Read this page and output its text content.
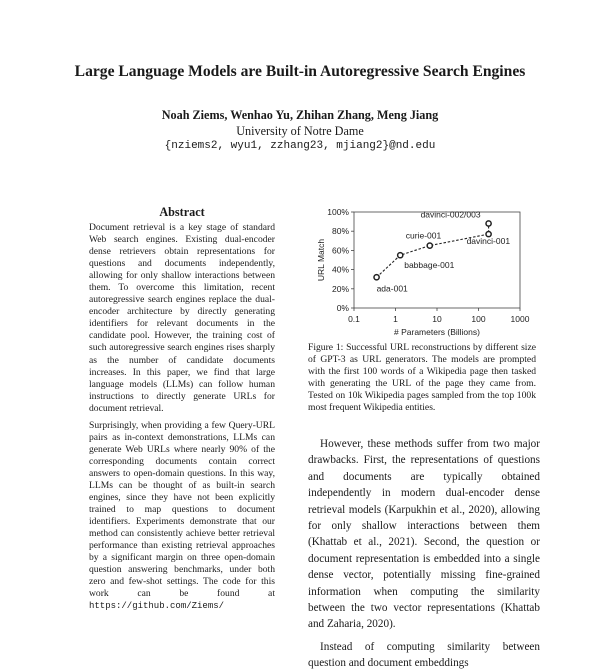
Large Language Models are Built-in Autoregressive Search Engines
Noah Ziems, Wenhao Yu, Zhihan Zhang, Meng Jiang
University of Notre Dame
{nziems2, wyu1, zzhang23, mjiang2}@nd.edu
Abstract

Document retrieval is a key stage of standard Web search engines. Existing dual-encoder dense retrievers obtain representations for questions and documents independently, allowing for only shallow interactions between them. To overcome this limitation, recent autoregressive search engines replace the dual-encoder architecture by directly generating identifiers for relevant documents in the candidate pool. However, the training cost of such autoregressive search engines rises sharply as the number of candidate documents increases. In this paper, we find that large language models (LLMs) can follow human instructions to directly generate URLs for document retrieval.

Surprisingly, when providing a few Query-URL pairs as in-context demonstrations, LLMs can generate Web URLs where nearly 90% of the corresponding documents contain correct answers to open-domain questions. In this way, LLMs can be thought of as built-in search engines, since they have not been explicitly trained to map questions to document identifiers. Experiments demonstrate that our method can consistently achieve better retrieval performance than existing retrieval approaches by a significant margin on three open-domain question answering benchmarks, under both zero and few-shot settings. The code for this work can be found at https://github.com/Ziems/

0%
20%
40%
60%
80%
100%
0.1	1	10	100	1000
# Parameters (Billions)
URL Match
ada-001
babbage-001
curie-001
davinci-001
davinci-002/003
Figure 1: Successful URL reconstructions by different size of GPT-3 as URL generators. The models are prompted with the first 100 words of a Wikipedia page then tasked with generating the URL of the page they came from. Tested on 10k Wikipedia pages sampled from the top 100k most frequent Wikipedia entities.

However, these methods suffer from two major drawbacks. First, the representations of questions and documents are typically obtained independently in modern dual-encoder dense retrieval models (Karpukhin et al., 2020), allowing for only shallow interactions between them (Khattab et al., 2021). Second, the question or document representation is embedded into a single dense vector, potentially missing fine-grained information when computing the similarity between the two vector representations (Khattab and Zaharia, 2020).

Instead of computing similarity between question and document embeddings
